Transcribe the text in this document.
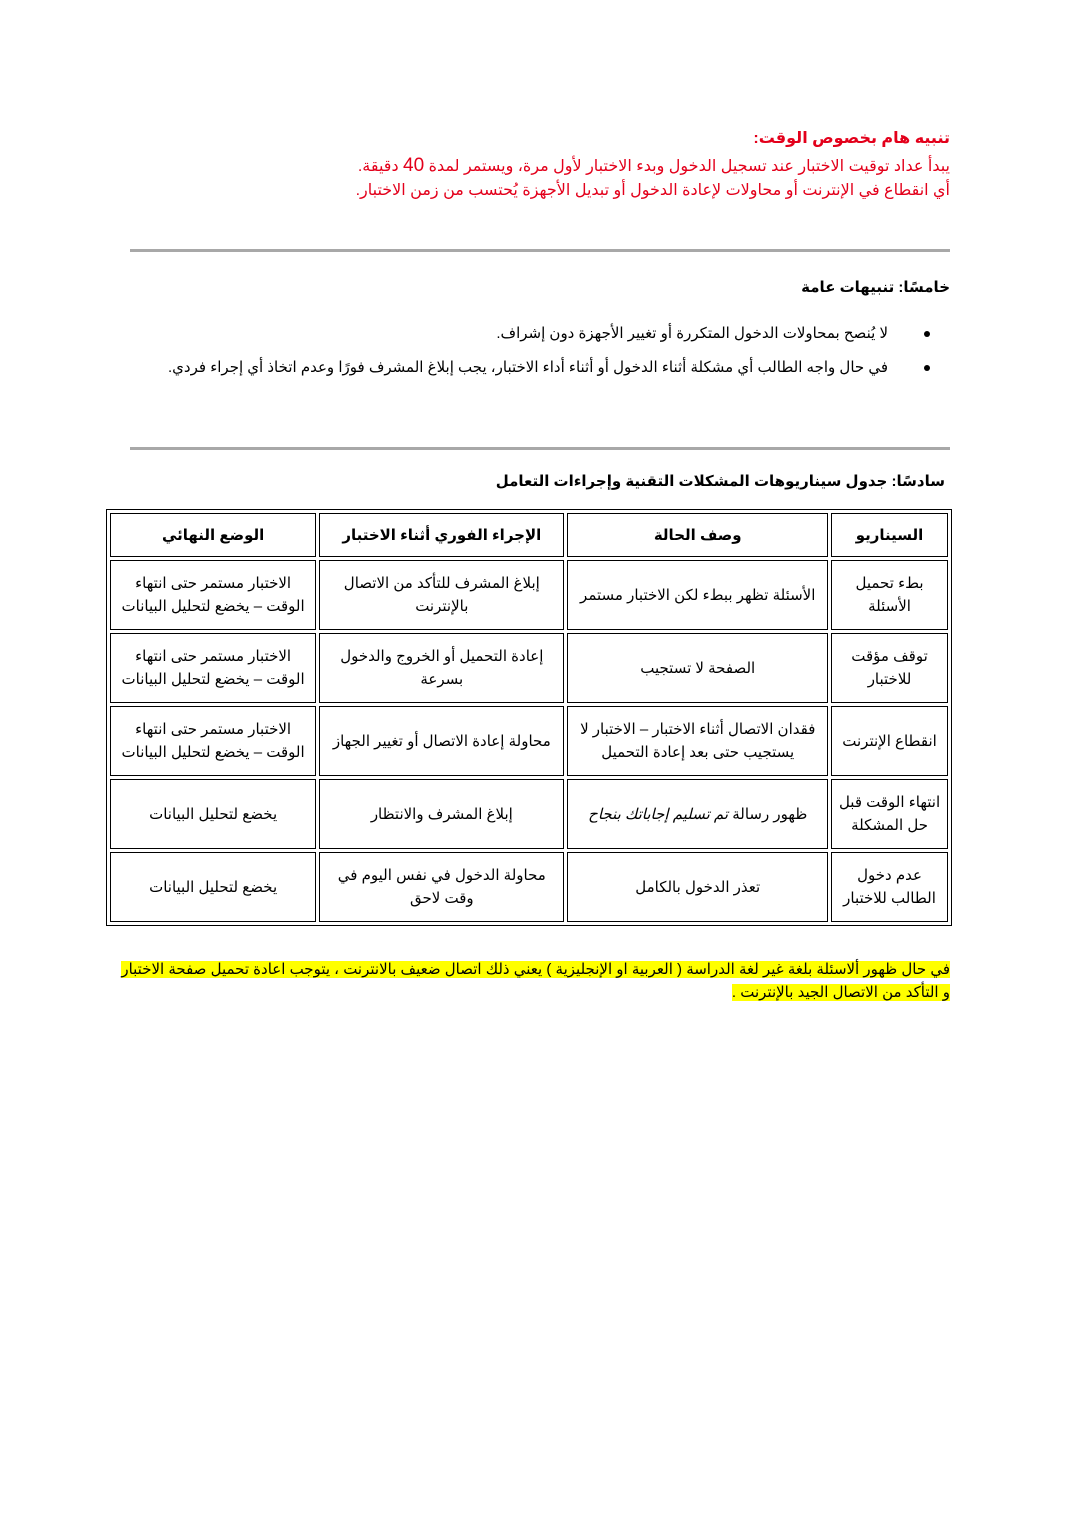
تنبيه هام بخصوص الوقت:

يبدأ عداد توقيت الاختبار عند تسجيل الدخول وبدء الاختبار لأول مرة، ويستمر لمدة 40 دقيقة.

أي انقطاع في الإنترنت أو محاولات لإعادة الدخول أو تبديل الأجهزة يُحتسب من زمن الاختبار.

خامسًا: تنبيهات عامة
لا يُنصح بمحاولات الدخول المتكررة أو تغيير الأجهزة دون إشراف.
في حال واجه الطالب أي مشكلة أثناء الدخول أو أثناء أداء الاختبار، يجب إبلاغ المشرف فورًا وعدم اتخاذ أي إجراء فردي.
سادسًا: جدول سيناريوهات المشكلات التقنية وإجراءات التعامل
السيناريو	وصف الحالة	الإجراء الفوري أثناء الاختبار	الوضع النهائي
بطء تحميل الأسئلة	الأسئلة تظهر ببطء لكن الاختبار مستمر	إبلاغ المشرف للتأكد من الاتصال بالإنترنت	الاختبار مستمر حتى انتهاء الوقت – يخضع لتحليل البيانات
توقف مؤقت للاختبار	الصفحة لا تستجيب	إعادة التحميل أو الخروج والدخول بسرعة	الاختبار مستمر حتى انتهاء الوقت – يخضع لتحليل البيانات
انقطاع الإنترنت	فقدان الاتصال أثناء الاختبار – الاختبار لا يستجيب حتى بعد إعادة التحميل	محاولة إعادة الاتصال أو تغيير الجهاز	الاختبار مستمر حتى انتهاء الوقت – يخضع لتحليل البيانات
انتهاء الوقت قبل حل المشكلة	ظهور رسالة تم تسليم إجاباتك بنجاح	إبلاغ المشرف والانتظار	يخضع لتحليل البيانات
عدم دخول الطالب للاختبار	تعذر الدخول بالكامل	محاولة الدخول في نفس اليوم في وقت لاحق	يخضع لتحليل البيانات
في حال ظهور ألاسئلة بلغة غير لغة الدراسة ( العربية او الإنجليزية ) يعني ذلك اتصال ضعيف بالانترنت ، يتوجب اعادة تحميل صفحة الاختبار و التأكد من الاتصال الجيد بالإنترنت .
